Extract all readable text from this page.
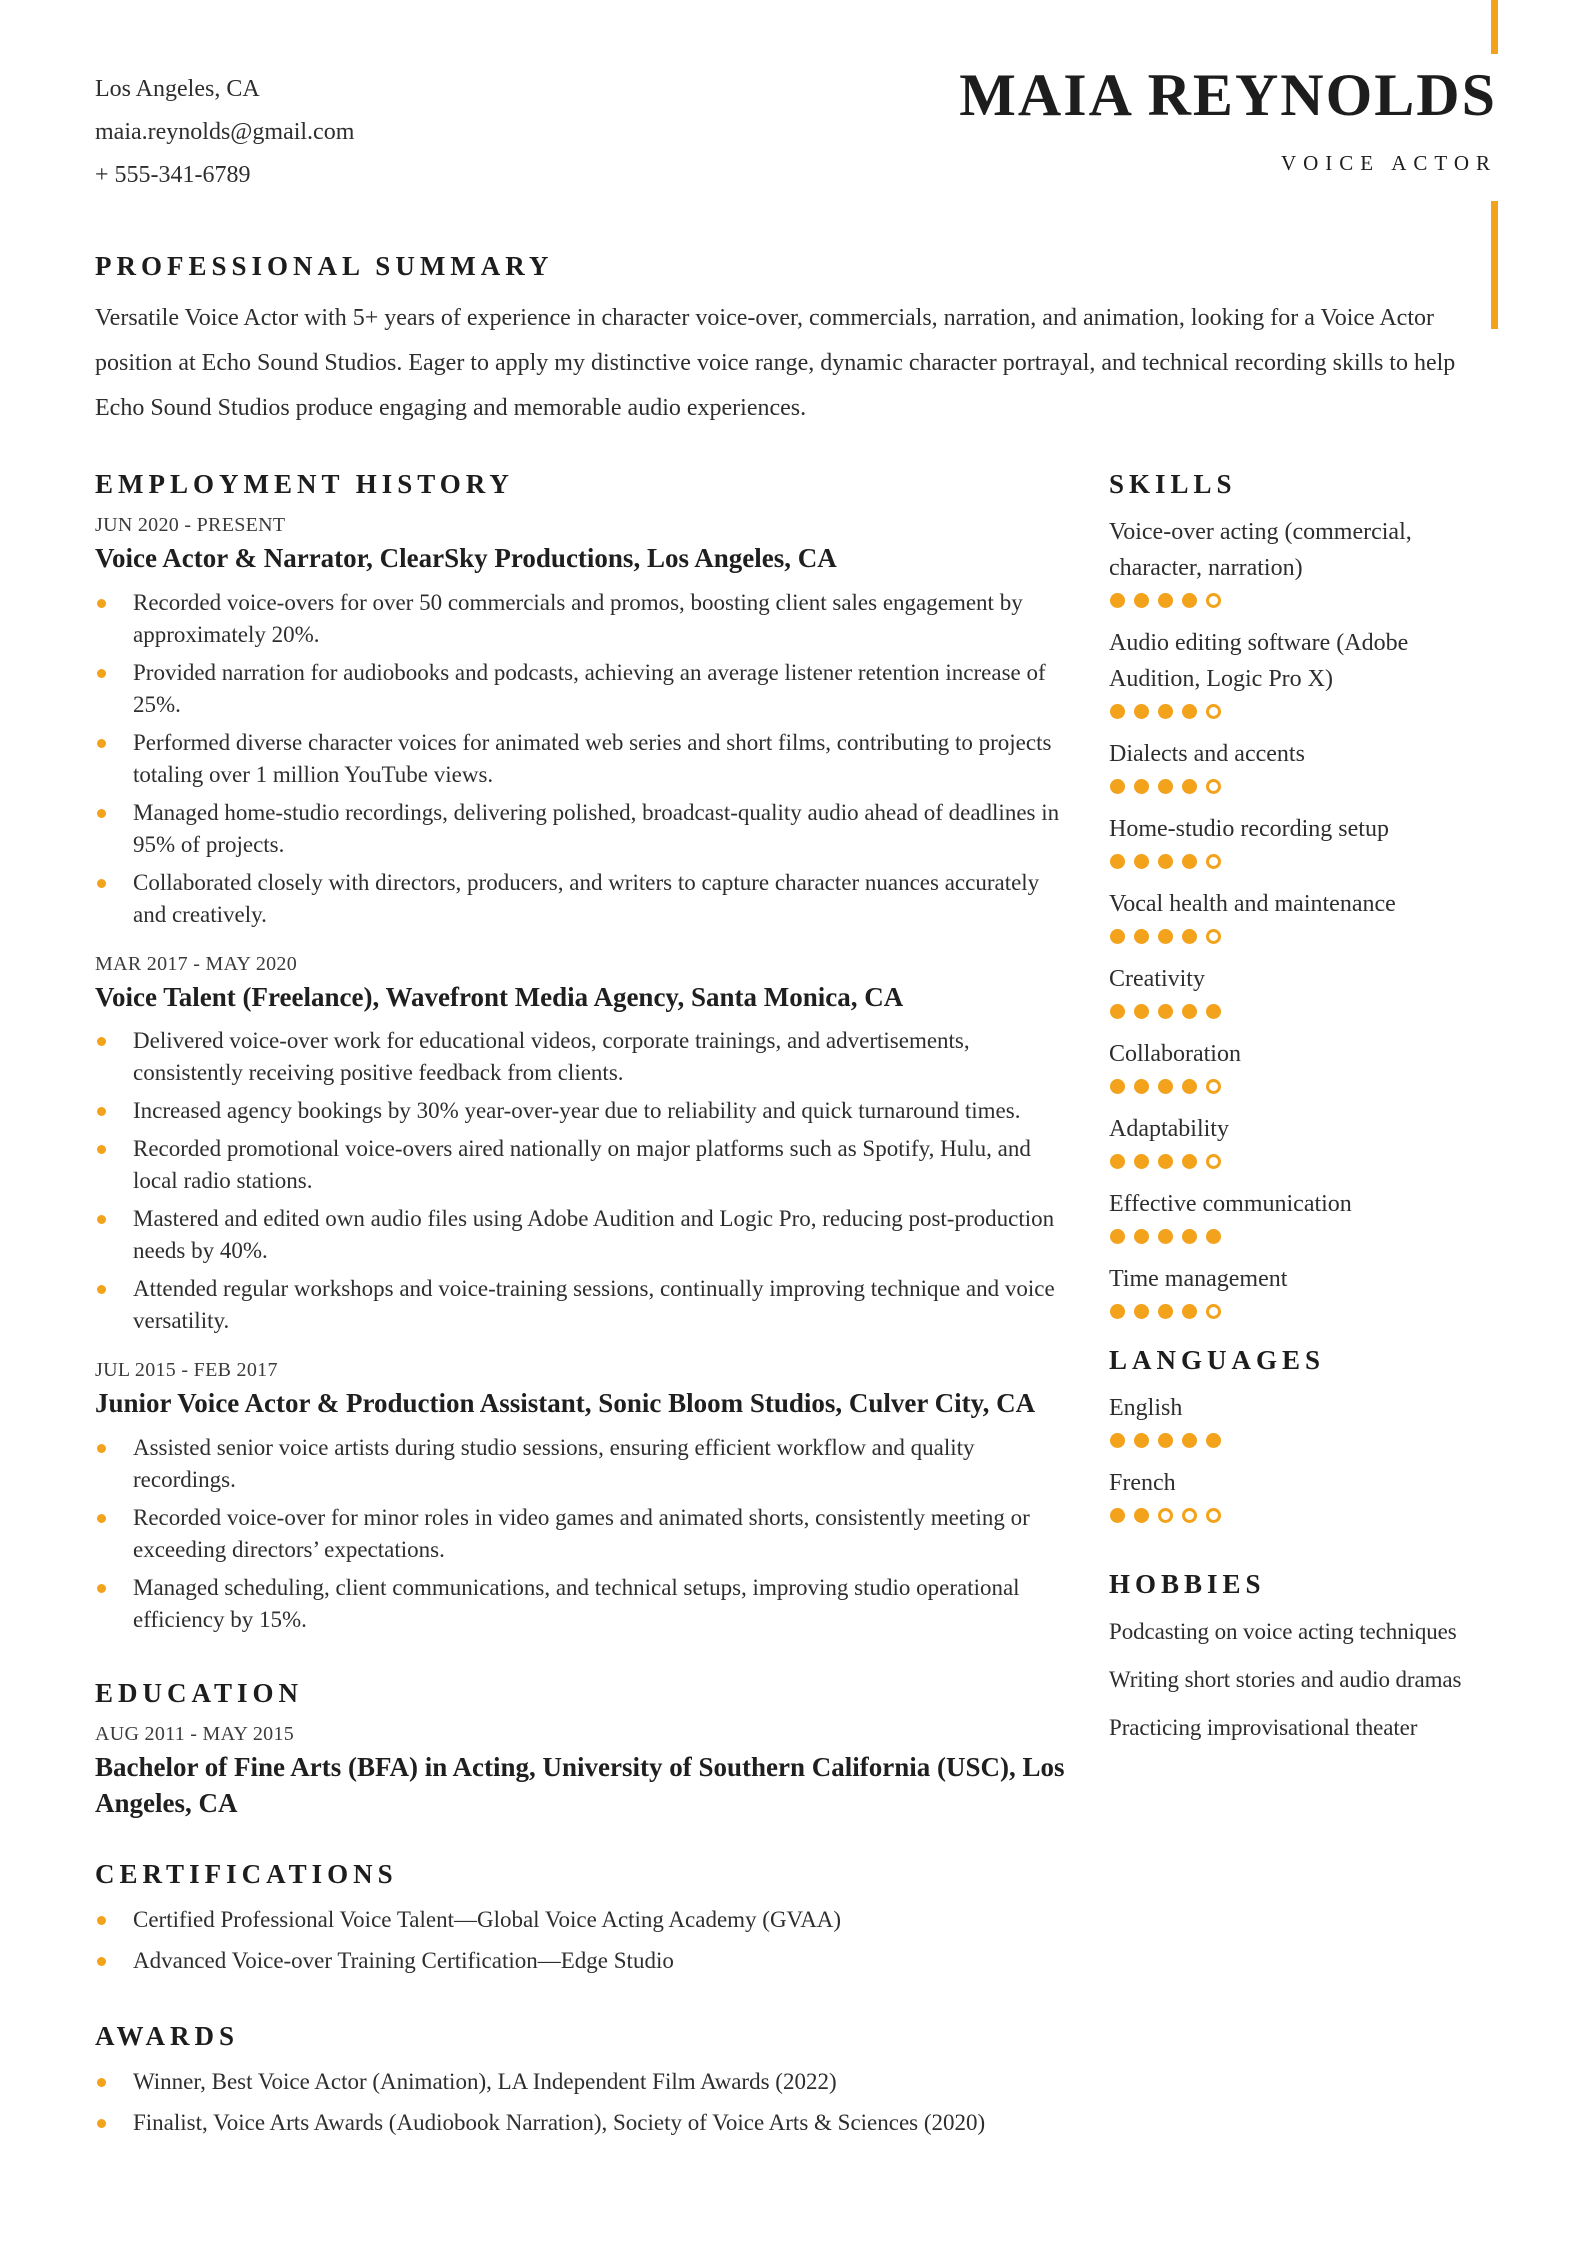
Los Angeles, CA
maia.reynolds@gmail.com
+ 555-341-6789
MAIA REYNOLDS
VOICE ACTOR
PROFESSIONAL SUMMARY

Versatile Voice Actor with 5+ years of experience in character voice-over, commercials, narration, and animation, looking for a Voice Actor position at Echo Sound Studios. Eager to apply my distinctive voice range, dynamic character portrayal, and technical recording skills to help Echo Sound Studios produce engaging and memorable audio experiences.

EMPLOYMENT HISTORY
JUN 2020 - PRESENT
Voice Actor & Narrator, ClearSky Productions, Los Angeles, CA
Recorded voice-overs for over 50 commercials and promos, boosting client sales engagement by approximately 20%.
Provided narration for audiobooks and podcasts, achieving an average listener retention increase of 25%.
Performed diverse character voices for animated web series and short films, contributing to projects totaling over 1 million YouTube views.
Managed home-studio recordings, delivering polished, broadcast-quality audio ahead of deadlines in 95% of projects.
Collaborated closely with directors, producers, and writers to capture character nuances accurately and creatively.
MAR 2017 - MAY 2020
Voice Talent (Freelance), Wavefront Media Agency, Santa Monica, CA
Delivered voice-over work for educational videos, corporate trainings, and advertisements, consistently receiving positive feedback from clients.
Increased agency bookings by 30% year-over-year due to reliability and quick turnaround times.
Recorded promotional voice-overs aired nationally on major platforms such as Spotify, Hulu, and local radio stations.
Mastered and edited own audio files using Adobe Audition and Logic Pro, reducing post-production needs by 40%.
Attended regular workshops and voice-training sessions, continually improving technique and voice versatility.
JUL 2015 - FEB 2017
Junior Voice Actor & Production Assistant, Sonic Bloom Studios, Culver City, CA
Assisted senior voice artists during studio sessions, ensuring efficient workflow and quality recordings.
Recorded voice-over for minor roles in video games and animated shorts, consistently meeting or exceeding directors’ expectations.
Managed scheduling, client communications, and technical setups, improving studio operational efficiency by 15%.
EDUCATION
AUG 2011 - MAY 2015
Bachelor of Fine Arts (BFA) in Acting, University of Southern California (USC), Los Angeles, CA
CERTIFICATIONS
Certified Professional Voice Talent—Global Voice Acting Academy (GVAA)
Advanced Voice-over Training Certification—Edge Studio
AWARDS
Winner, Best Voice Actor (Animation), LA Independent Film Awards (2022)
Finalist, Voice Arts Awards (Audiobook Narration), Society of Voice Arts & Sciences (2020)
SKILLS
Voice-over acting (commercial, character, narration)
Audio editing software (Adobe Audition, Logic Pro X)
Dialects and accents
Home-studio recording setup
Vocal health and maintenance
Creativity
Collaboration
Adaptability
Effective communication
Time management
LANGUAGES
English
French
HOBBIES
Podcasting on voice acting techniques
Writing short stories and audio dramas
Practicing improvisational theater
